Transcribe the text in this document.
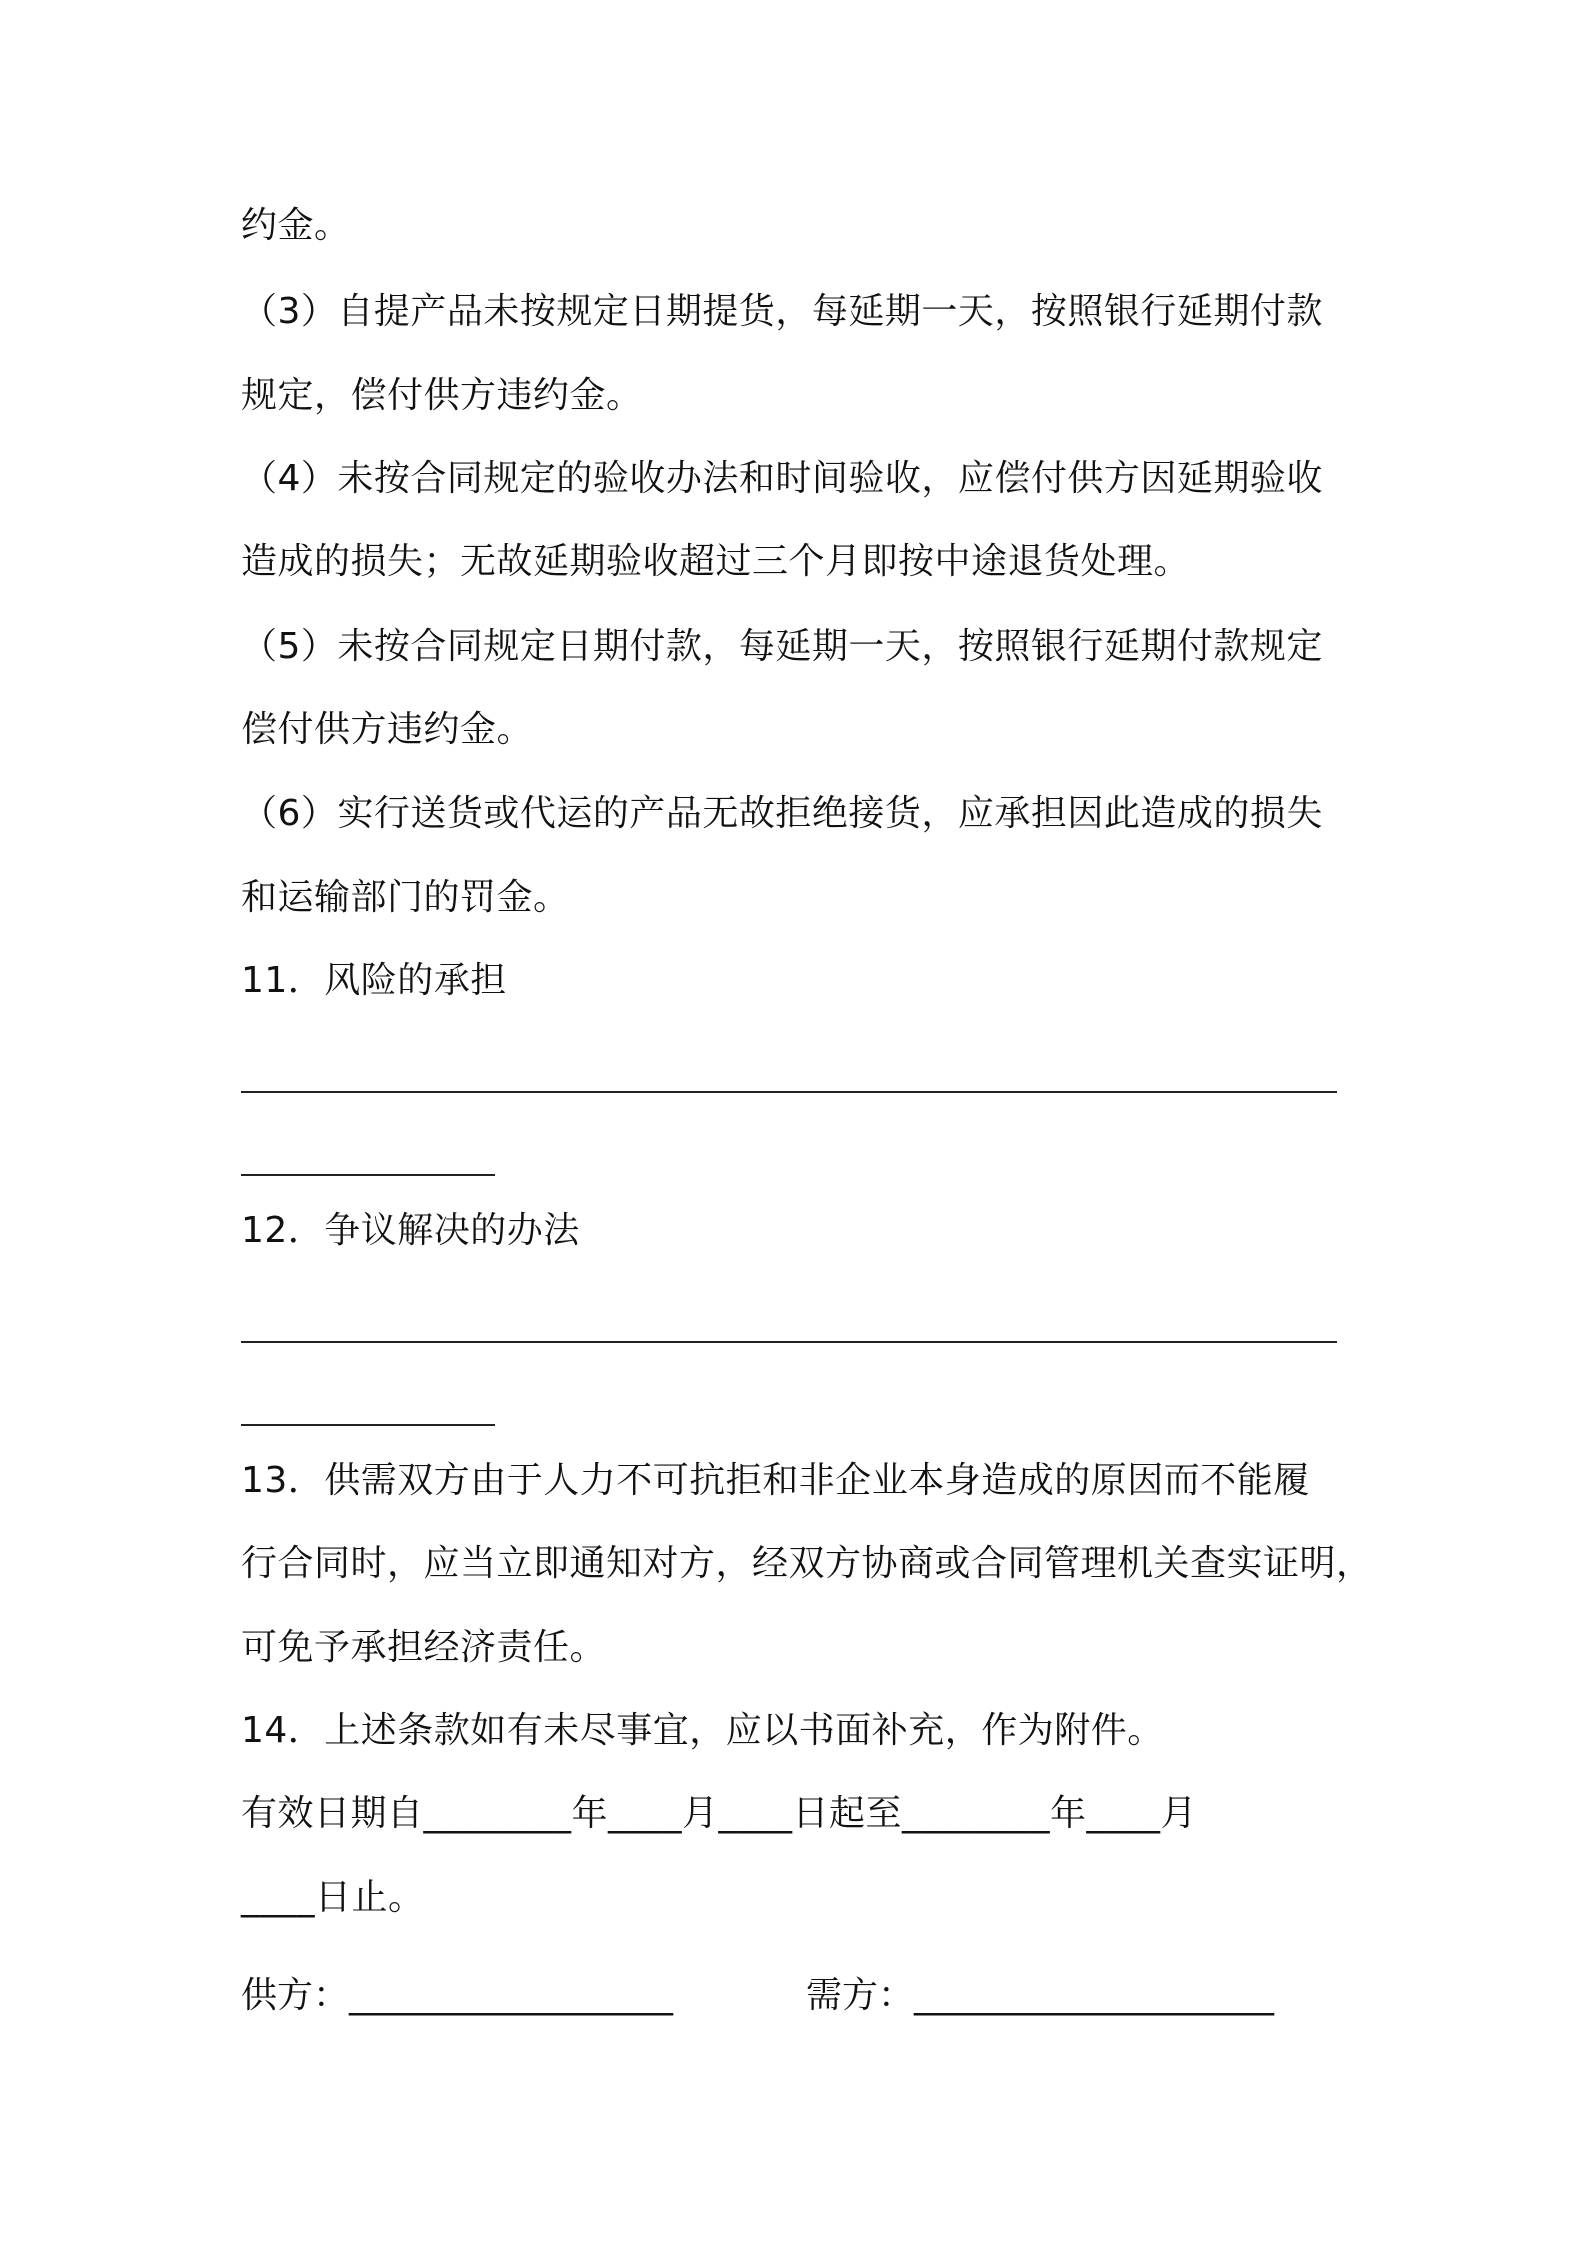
约金。
（3）自提产品未按规定日期提货，每延期一天，按照银行延期付款
规定，偿付供方违约金。
（4）未按合同规定的验收办法和时间验收，应偿付供方因延期验收
造成的损失；无故延期验收超过三个月即按中途退货处理。
（5）未按合同规定日期付款，每延期一天，按照银行延期付款规定
偿付供方违约金。
（6）实行送货或代运的产品无故拒绝接货，应承担因此造成的损失
和运输部门的罚金。
11．风险的承担
12．争议解决的办法
13．供需双方由于人力不可抗拒和非企业本身造成的原因而不能履
行合同时，应当立即通知对方，经双方协商或合同管理机关查实证明，
可免予承担经济责任。
14．上述条款如有未尽事宜，应以书面补充，作为附件。
有效日期自________年____月____日起至________年____月
____日止。
供方：__________________	需方：____________________
